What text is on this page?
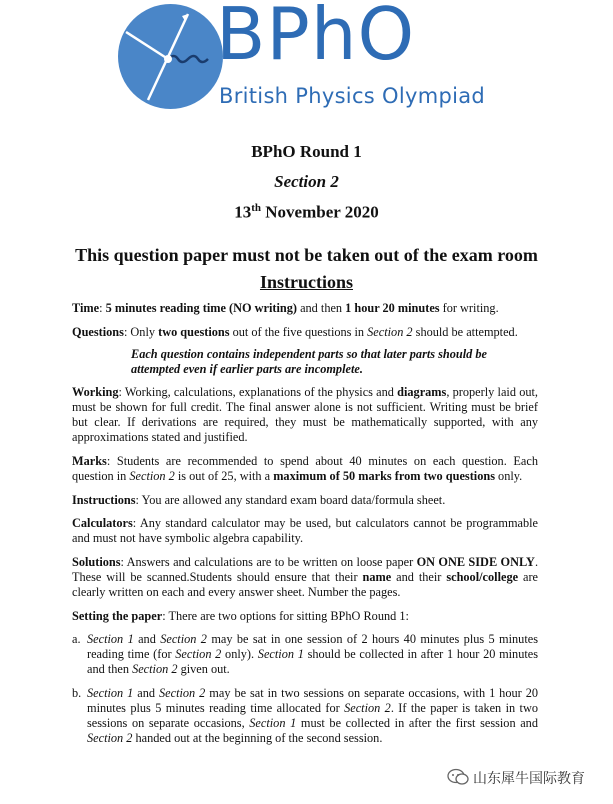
BPhO
British Physics Olympiad
BPhO Round 1
Section 2
13th November 2020
This question paper must not be taken out of the exam room
Instructions

Time: 5 minutes reading time (NO writing) and then 1 hour 20 minutes for writing.

Questions: Only two questions out of the five questions in Section 2 should be attempted.

Each question contains independent parts so that later parts should be attempted even if earlier parts are incomplete.

Working: Working, calculations, explanations of the physics and diagrams, properly laid out, must be shown for full credit. The final answer alone is not sufficient. Writing must be brief but clear. If derivations are required, they must be mathematically supported, with any approximations stated and justified.

Marks: Students are recommended to spend about 40 minutes on each question. Each question in Section 2 is out of 25, with a maximum of 50 marks from two questions only.

Instructions: You are allowed any standard exam board data/formula sheet.

Calculators: Any standard calculator may be used, but calculators cannot be programmable and must not have symbolic algebra capability.

Solutions: Answers and calculations are to be written on loose paper ON ONE SIDE ONLY. These will be scanned.Students should ensure that their name and their school/college are clearly written on each and every answer sheet. Number the pages.

Setting the paper: There are two options for sitting BPhO Round 1:

a. Section 1 and Section 2 may be sat in one session of 2 hours 40 minutes plus 5 minutes reading time (for Section 2 only). Section 1 should be collected in after 1 hour 20 minutes and then Section 2 given out.

b. Section 1 and Section 2 may be sat in two sessions on separate occasions, with 1 hour 20 minutes plus 5 minutes reading time allocated for Section 2. If the paper is taken in two sessions on separate occasions, Section 1 must be collected in after the first session and Section 2 handed out at the beginning of the second session.

山东犀牛国际教育
